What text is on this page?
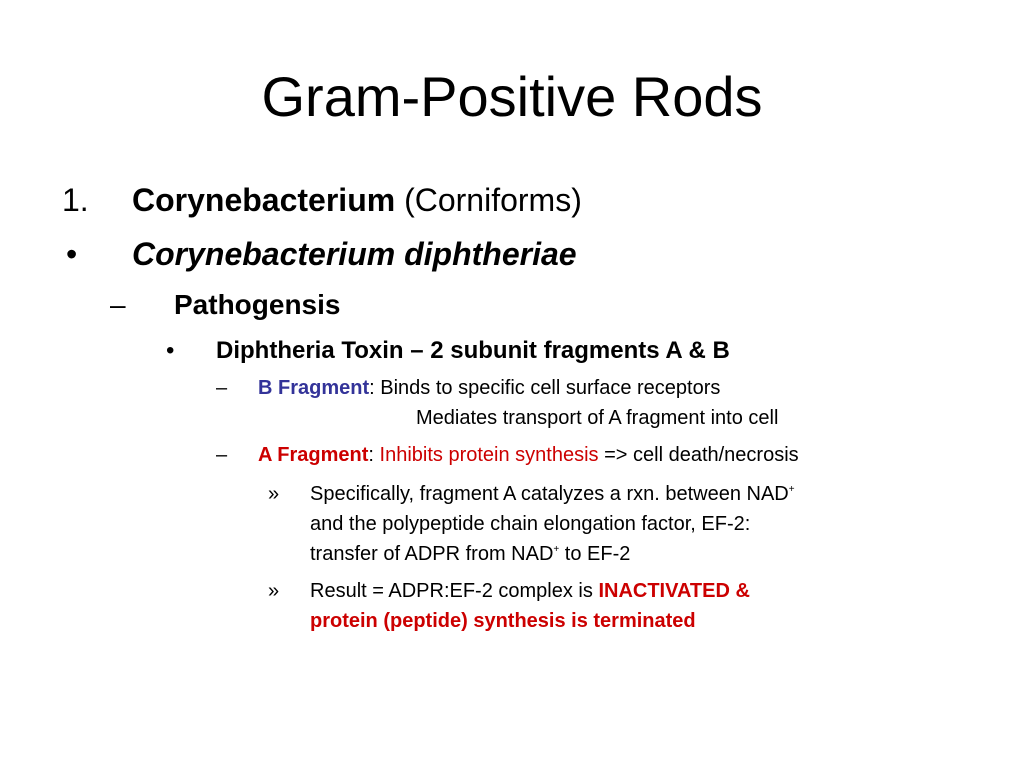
Gram-Positive Rods
1. Corynebacterium (Corniforms)
• Corynebacterium diphtheriae
– Pathogensis
• Diphtheria Toxin – 2 subunit fragments A & B
– B Fragment: Binds to specific cell surface receptors
Mediates transport of A fragment into cell
– A Fragment: Inhibits protein synthesis => cell death/necrosis
» Specifically, fragment A catalyzes a rxn. between NAD+
and the polypeptide chain elongation factor, EF-2:
transfer of ADPR from NAD+ to EF-2
» Result = ADPR:EF-2 complex is INACTIVATED &
protein (peptide) synthesis is terminated
